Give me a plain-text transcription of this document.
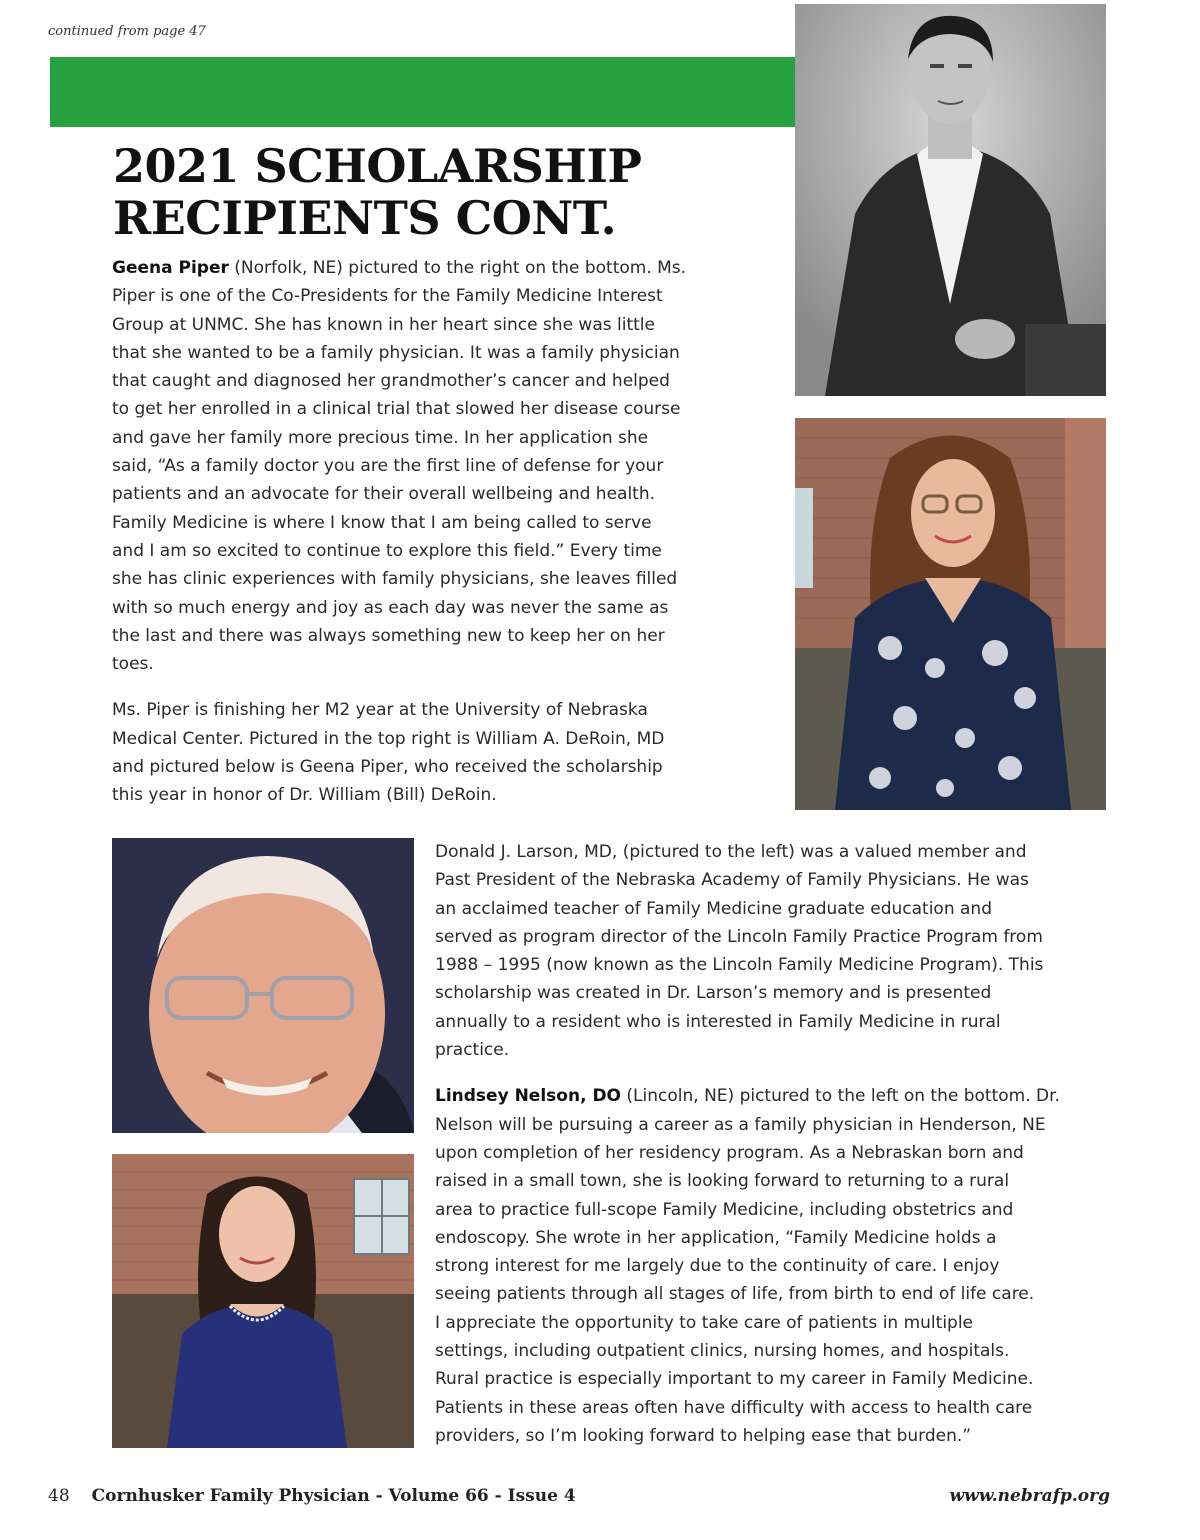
continued from page 47
2021 SCHOLARSHIP
RECIPIENTS CONT.

Geena Piper (Norfolk, NE) pictured to the right on the bottom. Ms.
Piper is one of the Co-Presidents for the Family Medicine Interest
Group at UNMC. She has known in her heart since she was little
that she wanted to be a family physician. It was a family physician
that caught and diagnosed her grandmother’s cancer and helped
to get her enrolled in a clinical trial that slowed her disease course
and gave her family more precious time. In her application she
said, “As a family doctor you are the first line of defense for your
patients and an advocate for their overall wellbeing and health.
Family Medicine is where I know that I am being called to serve
and I am so excited to continue to explore this field.” Every time
she has clinic experiences with family physicians, she leaves filled
with so much energy and joy as each day was never the same as
the last and there was always something new to keep her on her
toes.

Ms. Piper is finishing her M2 year at the University of Nebraska
Medical Center. Pictured in the top right is William A. DeRoin, MD
and pictured below is Geena Piper, who received the scholarship
this year in honor of Dr. William (Bill) DeRoin.

Donald J. Larson, MD, (pictured to the left) was a valued member and
Past President of the Nebraska Academy of Family Physicians. He was
an acclaimed teacher of Family Medicine graduate education and
served as program director of the Lincoln Family Practice Program from
1988 – 1995 (now known as the Lincoln Family Medicine Program). This
scholarship was created in Dr. Larson’s memory and is presented
annually to a resident who is interested in Family Medicine in rural
practice.

Lindsey Nelson, DO (Lincoln, NE) pictured to the left on the bottom. Dr.
Nelson will be pursuing a career as a family physician in Henderson, NE
upon completion of her residency program. As a Nebraskan born and
raised in a small town, she is looking forward to returning to a rural
area to practice full-scope Family Medicine, including obstetrics and
endoscopy. She wrote in her application, “Family Medicine holds a
strong interest for me largely due to the continuity of care. I enjoy
seeing patients through all stages of life, from birth to end of life care.
I appreciate the opportunity to take care of patients in multiple
settings, including outpatient clinics, nursing homes, and hospitals.
Rural practice is especially important to my career in Family Medicine.
Patients in these areas often have difficulty with access to health care
providers, so I’m looking forward to helping ease that burden.”

48 Cornhusker Family Physician - Volume 66 - Issue 4	www.nebrafp.org
